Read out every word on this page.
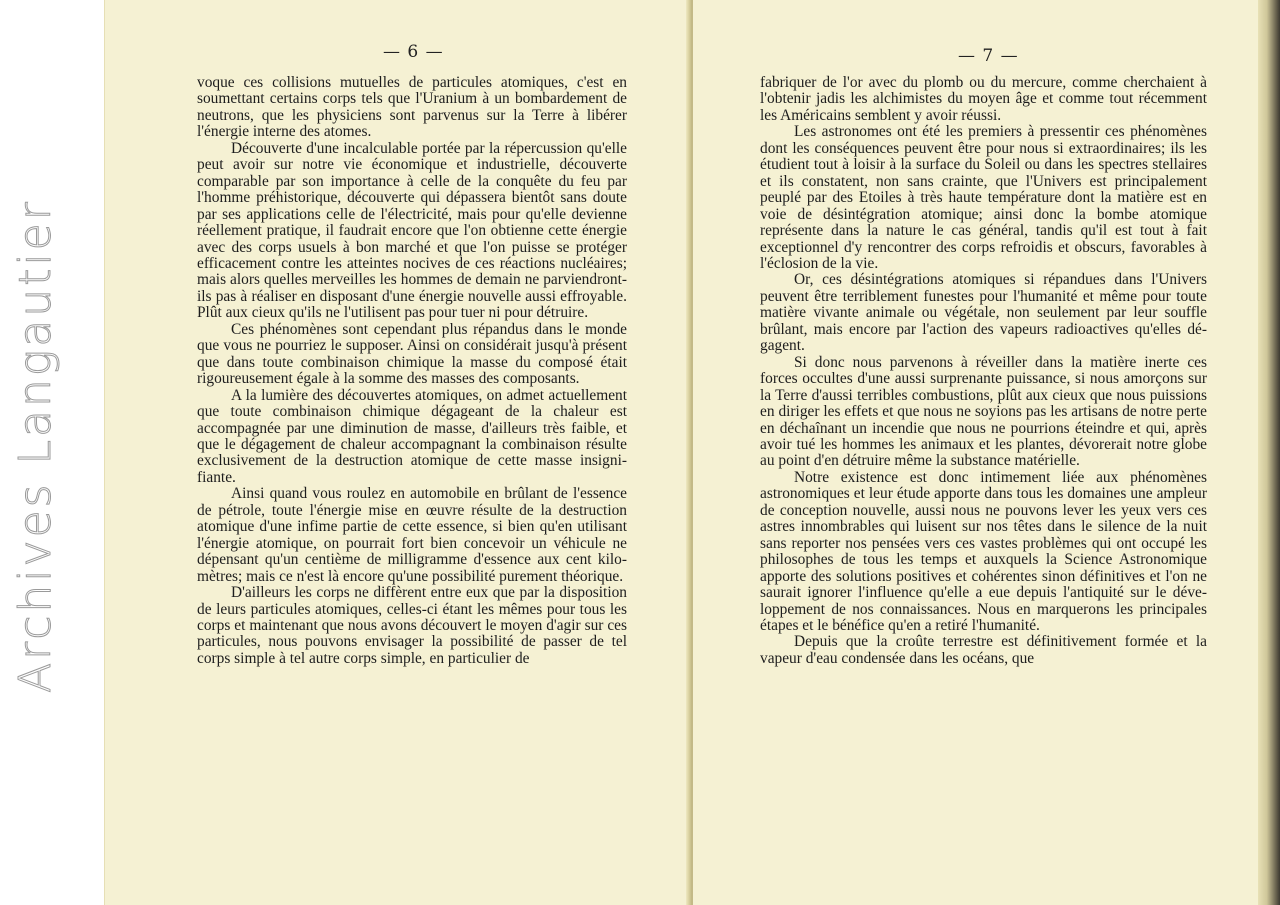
Archives Langautier
— 6 —

voque ces collisions mutuelles de particules atomiques, c'est en soumettant certains corps tels que l'Uranium à un bombardement de neutrons, que les physiciens sont parvenus sur la Terre à libérer l'énergie interne des atomes.

Découverte d'une incalculable portée par la répercussion qu'elle peut avoir sur notre vie économique et industrielle, découverte comparable par son importance à celle de la conquête du feu par l'homme préhistorique, découverte qui dépassera bientôt sans doute par ses applications celle de l'électricité, mais pour qu'elle devienne réellement pratique, il faudrait encore que l'on obtienne cette énergie avec des corps usuels à bon marché et que l'on puisse se protéger efficacement contre les atteintes nocives de ces réactions nucléaires; mais alors quelles merveilles les hommes de demain ne parviendront-ils pas à réaliser en disposant d'une énergie nouvelle aussi effroyable. Plût aux cieux qu'ils ne l'utilisent pas pour tuer ni pour détruire.

Ces phénomènes sont cependant plus répandus dans le monde que vous ne pourriez le supposer. Ainsi on considérait jusqu'à présent que dans toute combinaison chimique la masse du composé était rigoureusement égale à la somme des masses des composants.

A la lumière des découvertes atomiques, on admet actuellement que toute combinaison chimique dégageant de la chaleur est accompagnée par une diminution de masse, d'ailleurs très faible, et que le dégagement de chaleur accompagnant la combinaison résulte exclusivement de la destruction atomique de cette masse insignifiante.

Ainsi quand vous roulez en automobile en brûlant de l'essence de pétrole, toute l'énergie mise en œuvre résulte de la destruction atomique d'une infime partie de cette essence, si bien qu'en utilisant l'énergie atomique, on pourrait fort bien concevoir un véhicule ne dépensant qu'un centième de milligramme d'essence aux cent kilomètres; mais ce n'est là encore qu'une possibilité purement théorique.

D'ailleurs les corps ne diffèrent entre eux que par la disposition de leurs particules atomiques, celles-ci étant les mêmes pour tous les corps et maintenant que nous avons découvert le moyen d'agir sur ces particules, nous pouvons envisager la possibilité de passer de tel corps simple à tel autre corps simple, en particulier de

— 7 —

fabriquer de l'or avec du plomb ou du mercure, comme cherchaient à l'obtenir jadis les alchimistes du moyen âge et comme tout récemment les Américains semblent y avoir réussi.

Les astronomes ont été les premiers à pressentir ces phénomènes dont les conséquences peuvent être pour nous si extraordinaires; ils les étudient tout à loisir à la surface du Soleil ou dans les spectres stellaires et ils constatent, non sans crainte, que l'Univers est principalement peuplé par des Etoiles à très haute température dont la matière est en voie de désintégration atomique; ainsi donc la bombe atomique représente dans la nature le cas général, tandis qu'il est tout à fait exceptionnel d'y rencontrer des corps refroidis et obscurs, favorables à l'éclosion de la vie.

Or, ces désintégrations atomiques si répandues dans l'Univers peuvent être terriblement funestes pour l'humanité et même pour toute matière vivante animale ou végétale, non seulement par leur souffle brûlant, mais encore par l'action des vapeurs radioactives qu'elles dégagent.

Si donc nous parvenons à réveiller dans la matière inerte ces forces occultes d'une aussi surprenante puissance, si nous amorçons sur la Terre d'aussi terribles combustions, plût aux cieux que nous puissions en diriger les effets et que nous ne soyions pas les artisans de notre perte en déchaînant un incendie que nous ne pourrions éteindre et qui, après avoir tué les hommes les animaux et les plantes, dévorerait notre globe au point d'en détruire même la substance matérielle.

Notre existence est donc intimement liée aux phénomènes astronomiques et leur étude apporte dans tous les domaines une ampleur de conception nouvelle, aussi nous ne pouvons lever les yeux vers ces astres innombrables qui luisent sur nos têtes dans le silence de la nuit sans reporter nos pensées vers ces vastes problèmes qui ont occupé les philosophes de tous les temps et auxquels la Science Astronomique apporte des solutions positives et cohérentes sinon définitives et l'on ne saurait ignorer l'influence qu'elle a eue depuis l'antiquité sur le développement de nos connaissances. Nous en marquerons les principales étapes et le bénéfice qu'en a retiré l'humanité.

Depuis que la croûte terrestre est définitivement formée et la vapeur d'eau condensée dans les océans, que
